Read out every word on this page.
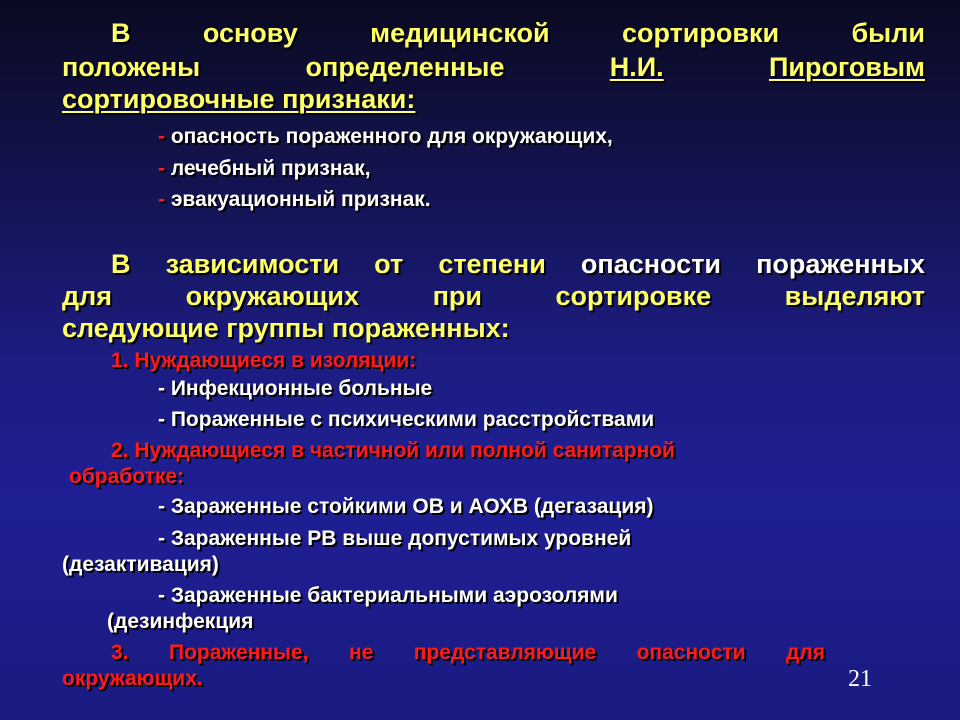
В	основу	медицинской	сортировки	были
положены	определенные	Н.И.	Пироговым
сортировочные признаки:
- опасность пораженного для окружающих,
- лечебный признак,
- эвакуационный признак.
В зависимости от степени опасности пораженных
для	окружающих	при	сортировке	выделяют
следующие группы пораженных:
1. Нуждающиеся в изоляции:
- Инфекционные больные
- Пораженные с психическими расстройствами
2. Нуждающиеся в частичной или полной санитарной
обработке:
- Зараженные стойкими ОВ и АОХВ (дегазация)
- Зараженные РВ выше допустимых уровней
(дезактивация)
- Зараженные бактериальными аэрозолями
(дезинфекция
3. Пораженные, не представляющие опасности для
окружающих.	21
